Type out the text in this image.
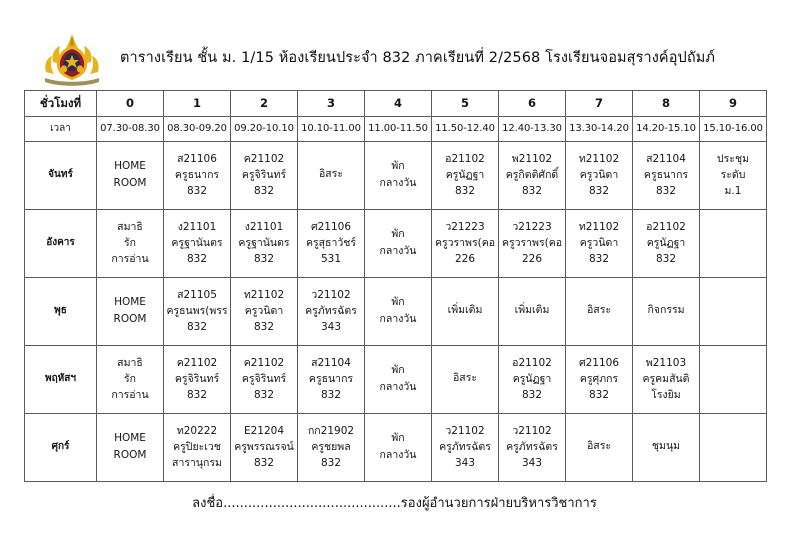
ตารางเรียน ชั้น ม. 1/15 ห้องเรียนประจำ 832 ภาคเรียนที่ 2/2568 โรงเรียนจอมสุรางค์อุปถัมภ์
ชั่วโมงที่	0	1	2	3	4	5	6	7	8	9
เวลา	07.30-08.30	08.30-09.20	09.20-10.10	10.10-11.00	11.00-11.50	11.50-12.40	12.40-13.30	13.30-14.20	14.20-15.10	15.10-16.00
จันทร์	HOME
ROOM	ส21106
ครูธนากร
832	ค21102
ครูจิรินทร์
832	อิสระ	พัก
กลางวัน	อ21102
ครูนัฏฐา
832	พ21102
ครูกิตติศักดิ์
832	ท21102
ครูวนิดา
832	ส21104
ครูธนากร
832	ประชุม
ระดับ
ม.1

อังคาร	สมาธิ
รัก
การอ่าน	ง21101
ครูฐานันตร
832	ง21101
ครูฐานันตร
832	ศ21106
ครูสุธาวัชร์
531	พัก
กลางวัน	ว21223
ครูวราพร(คอ
226	ว21223
ครูวราพร(คอ
226	ท21102
ครูวนิดา
832	อ21102
ครูนัฏฐา
832	

พุธ	HOME
ROOM	ส21105
ครูธนพร(พรร
832	ท21102
ครูวนิดา
832	ว21102
ครูภัทรฉัตร
343	พัก
กลางวัน	เพิ่มเติม	เพิ่มเติม	อิสระ	กิจกรรม	

พฤหัสฯ	สมาธิ
รัก
การอ่าน	ค21102
ครูจิรินทร์
832	ค21102
ครูจิรินทร์
832	ส21104
ครูธนากร
832	พัก
กลางวัน	อิสระ	อ21102
ครูนัฏฐา
832	ศ21106
ครูศุภกร
832	พ21103
ครูคมสันติ
โรงยิม	

ศุกร์	HOME
ROOM	ท20222
ครูปิยะเวช
สารานุกรม	E21204
ครูพรรณรจน์
832	กก21902
ครูชยพล
832	พัก
กลางวัน	ว21102
ครูภัทรฉัตร
343	ว21102
ครูภัทรฉัตร
343	อิสระ	ชุมนุม	

ลงชื่อ...........................................รองผู้อำนวยการฝ่ายบริหารวิชาการ
